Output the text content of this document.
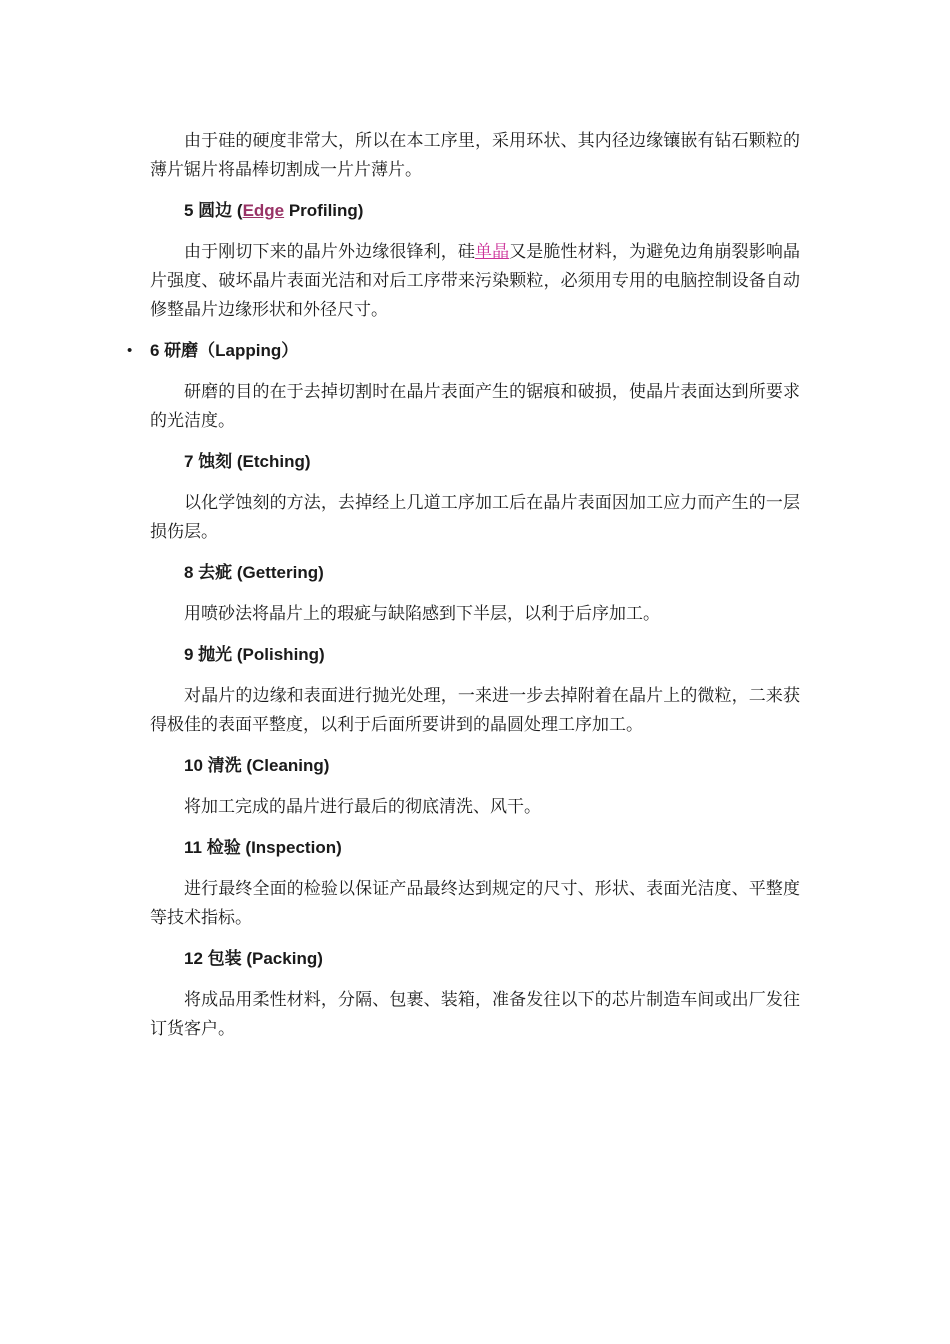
由于硅的硬度非常大，所以在本工序里，采用环状、其内径边缘镶嵌有钻石颗粒的薄片锯片将晶棒切割成一片片薄片。

5 圆边 (Edge Profiling)

由于刚切下来的晶片外边缘很锋利，硅单晶又是脆性材料，为避免边角崩裂影响晶片强度、破坏晶片表面光洁和对后工序带来污染颗粒，必须用专用的电脑控制设备自动修整晶片边缘形状和外径尺寸。

• 6 研磨（Lapping）

研磨的目的在于去掉切割时在晶片表面产生的锯痕和破损，使晶片表面达到所要求的光洁度。

7 蚀刻 (Etching)

以化学蚀刻的方法，去掉经上几道工序加工后在晶片表面因加工应力而产生的一层损伤层。

8 去疵 (Gettering)

用喷砂法将晶片上的瑕疵与缺陷感到下半层，以利于后序加工。

9 抛光 (Polishing)

对晶片的边缘和表面进行抛光处理，一来进一步去掉附着在晶片上的微粒，二来获得极佳的表面平整度，以利于后面所要讲到的晶圆处理工序加工。

10 清洗 (Cleaning)

将加工完成的晶片进行最后的彻底清洗、风干。

11 检验 (Inspection)

进行最终全面的检验以保证产品最终达到规定的尺寸、形状、表面光洁度、平整度等技术指标。

12 包装 (Packing)

将成品用柔性材料，分隔、包裹、装箱，准备发往以下的芯片制造车间或出厂发往订货客户。
